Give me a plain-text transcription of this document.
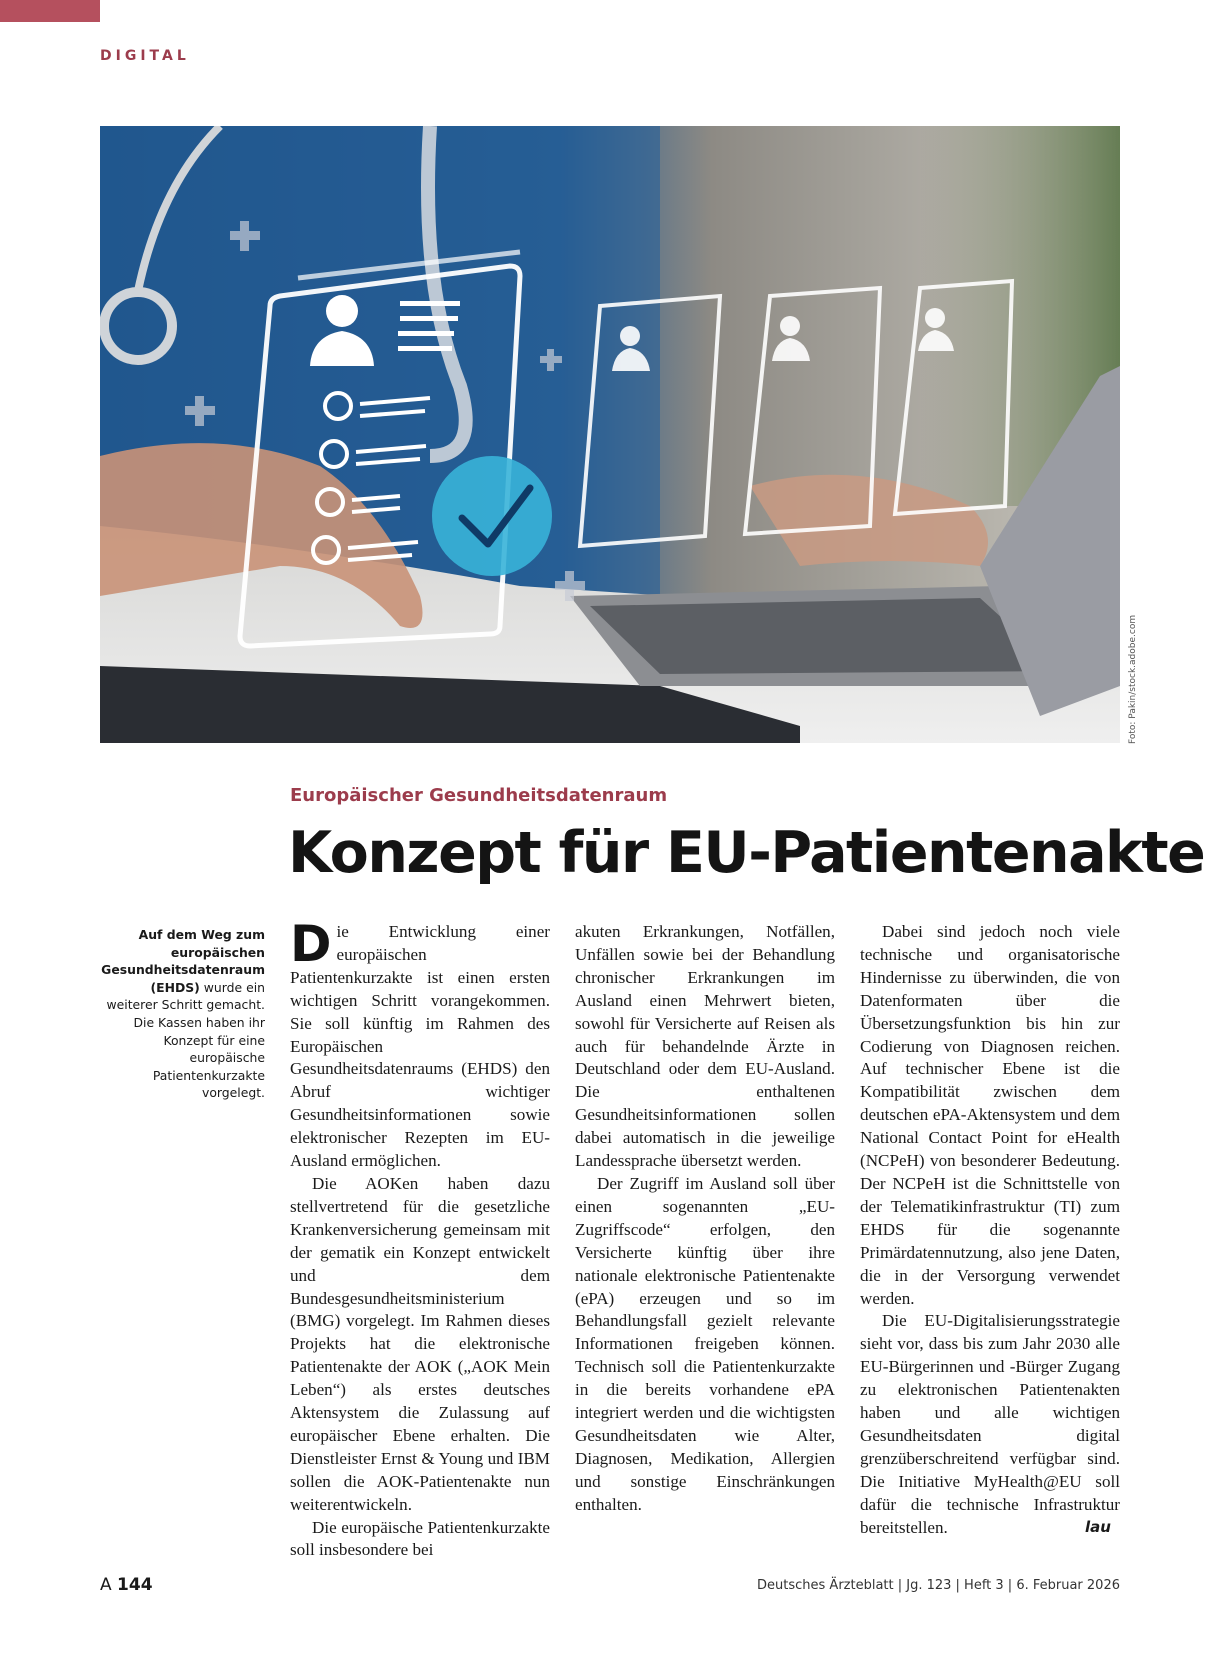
DIGITAL
Foto: Pakin/stock.adobe.com
Europäischer Gesundheitsdatenraum
Konzept für EU-Patientenakte
Auf dem Weg zum europäischen Gesundheitsdatenraum (EHDS) wurde ein weiterer Schritt gemacht. Die Kassen haben ihr Konzept für eine europäische Patientenkurzakte vorgelegt.

Die Entwicklung einer europäischen Patientenkurzakte ist einen ersten wichtigen Schritt vorangekommen. Sie soll künftig im Rahmen des Europäischen Gesundheitsdatenraums (EHDS) den Abruf wichtiger Gesundheitsinformationen sowie elektronischer Rezepten im EU-Ausland ermöglichen.

Die AOKen haben dazu stellvertretend für die gesetzliche Krankenversicherung gemeinsam mit der gematik ein Konzept entwickelt und dem Bundesgesundheitsministerium (BMG) vorgelegt. Im Rahmen dieses Projekts hat die elektronische Patientenakte der AOK („AOK Mein Leben“) als erstes deutsches Aktensystem die Zulassung auf europäischer Ebene erhalten. Die Dienstleister Ernst & Young und IBM sollen die AOK-Patientenakte nun weiterentwickeln.

Die europäische Patientenkurzakte soll insbesondere bei

akuten Erkrankungen, Notfällen, Unfällen sowie bei der Behandlung chronischer Erkrankungen im Ausland einen Mehrwert bieten, sowohl für Versicherte auf Reisen als auch für behandelnde Ärzte in Deutschland oder dem EU-Ausland. Die enthaltenen Gesundheitsinformationen sollen dabei automatisch in die jeweilige Landessprache übersetzt werden.

Der Zugriff im Ausland soll über einen sogenannten „EU-Zugriffscode“ erfolgen, den Versicherte künftig über ihre nationale elektronische Patientenakte (ePA) erzeugen und so im Behandlungsfall gezielt relevante Informationen freigeben können. Technisch soll die Patientenkurzakte in die bereits vorhandene ePA integriert werden und die wichtigsten Gesundheitsdaten wie Alter, Diagnosen, Medikation, Allergien und sonstige Einschränkungen enthalten.

Dabei sind jedoch noch viele technische und organisatorische Hindernisse zu überwinden, die von Datenformaten über die Übersetzungsfunktion bis hin zur Codierung von Diagnosen reichen. Auf technischer Ebene ist die Kompatibilität zwischen dem deutschen ePA-Aktensystem und dem National Contact Point for eHealth (NCPeH) von besonderer Bedeutung. Der NCPeH ist die Schnittstelle von der Telematikinfrastruktur (TI) zum EHDS für die sogenannte Primärdatennutzung, also jene Daten, die in der Versorgung verwendet werden.

Die EU-Digitalisierungsstrategie sieht vor, dass bis zum Jahr 2030 alle EU-Bürgerinnen und -Bürger Zugang zu elektronischen Patientenakten haben und alle wichtigen Gesundheitsdaten digital grenzüberschreitend verfügbar sind. Die Initiative MyHealth@EU soll dafür die technische Infrastruktur bereitstellen.	lau
A 144	Deutsches Ärzteblatt | Jg. 123 | Heft 3 | 6. Februar 2026
